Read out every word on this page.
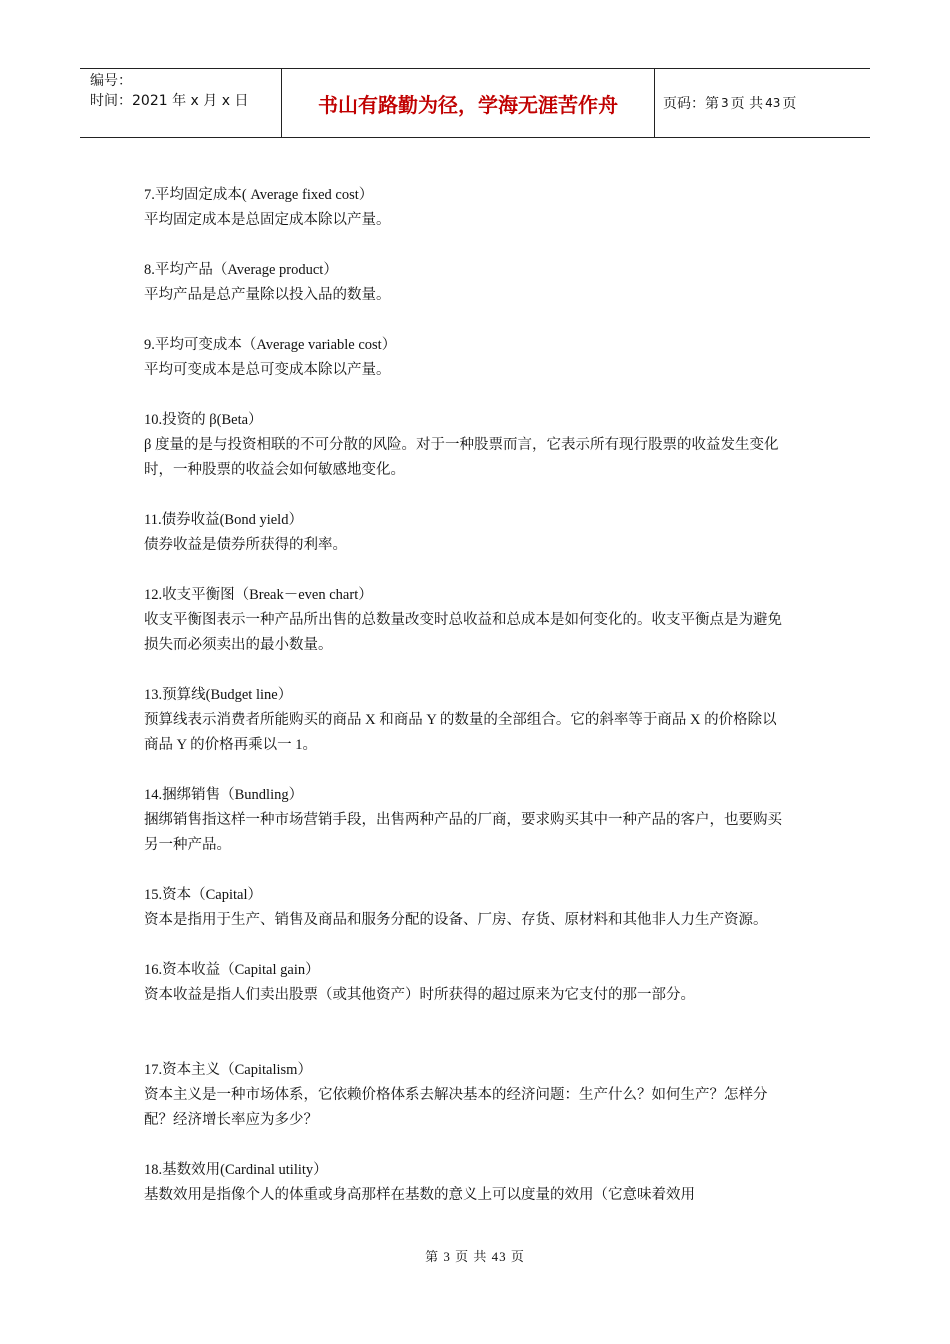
编号：
时间：2021 年 x 月 x 日	书山有路勤为径，学海无涯苦作舟	页码：第 3 页 共 43 页

7.平均固定成本( Average fixed cost）

平均固定成本是总固定成本除以产量。

8.平均产品（Average product）

平均产品是总产量除以投入品的数量。

9.平均可变成本（Average variable cost）

平均可变成本是总可变成本除以产量。

10.投资的 β(Beta）

β 度量的是与投资相联的不可分散的风险。对于一种股票而言，它表示所有现行股票的收益发生变化时，一种股票的收益会如何敏感地变化。

11.债券收益(Bond yield）

债券收益是债券所获得的利率。

12.收支平衡图（Break－even chart）

收支平衡图表示一种产品所出售的总数量改变时总收益和总成本是如何变化的。收支平衡点是为避免损失而必须卖出的最小数量。

13.预算线(Budget line）

预算线表示消费者所能购买的商品 X 和商品 Y 的数量的全部组合。它的斜率等于商品 X 的价格除以商品 Y 的价格再乘以一 1。

14.捆绑销售（Bundling）

捆绑销售指这样一种市场营销手段，出售两种产品的厂商，要求购买其中一种产品的客户，也要购买另一种产品。

15.资本（Capital）

资本是指用于生产、销售及商品和服务分配的设备、厂房、存货、原材料和其他非人力生产资源。

16.资本收益（Capital gain）

资本收益是指人们卖出股票（或其他资产）时所获得的超过原来为它支付的那一部分。

17.资本主义（Capitalism）

资本主义是一种市场体系，它依赖价格体系去解决基本的经济问题：生产什么？如何生产？怎样分配？经济增长率应为多少？

18.基数效用(Cardinal utility）

基数效用是指像个人的体重或身高那样在基数的意义上可以度量的效用（它意味着效用

第 3 页 共 43 页
